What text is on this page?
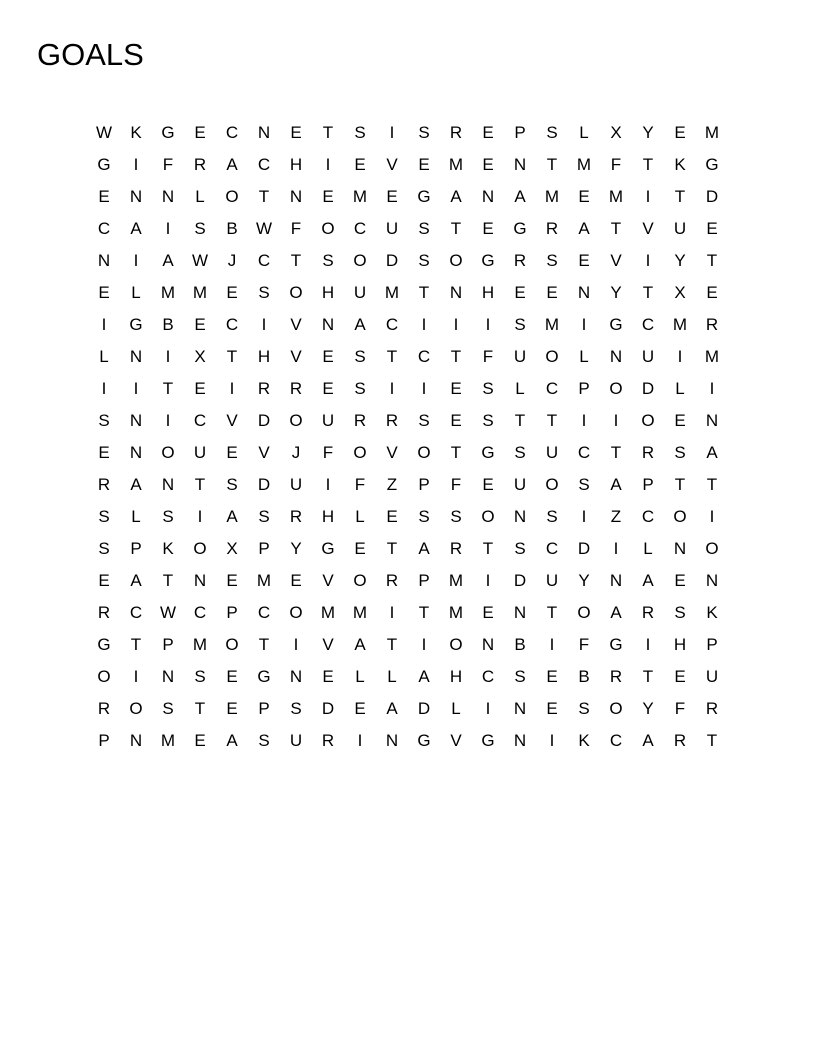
GOALS
W	K	G	E	C	N	E	T	S	I	S	R	E	P	S	L	X	Y	E	M
G	I	F	R	A	C	H	I	E	V	E	M	E	N	T	M	F	T	K	G
E	N	N	L	O	T	N	E	M	E	G	A	N	A	M	E	M	I	T	D
C	A	I	S	B	W	F	O	C	U	S	T	E	G	R	A	T	V	U	E
N	I	A	W	J	C	T	S	O	D	S	O	G	R	S	E	V	I	Y	T
E	L	M	M	E	S	O	H	U	M	T	N	H	E	E	N	Y	T	X	E
I	G	B	E	C	I	V	N	A	C	I	I	I	S	M	I	G	C	M	R
L	N	I	X	T	H	V	E	S	T	C	T	F	U	O	L	N	U	I	M
I	I	T	E	I	R	R	E	S	I	I	E	S	L	C	P	O	D	L	I
S	N	I	C	V	D	O	U	R	R	S	E	S	T	T	I	I	O	E	N
E	N	O	U	E	V	J	F	O	V	O	T	G	S	U	C	T	R	S	A
R	A	N	T	S	D	U	I	F	Z	P	F	E	U	O	S	A	P	T	T
S	L	S	I	A	S	R	H	L	E	S	S	O	N	S	I	Z	C	O	I
S	P	K	O	X	P	Y	G	E	T	A	R	T	S	C	D	I	L	N	O
E	A	T	N	E	M	E	V	O	R	P	M	I	D	U	Y	N	A	E	N
R	C	W	C	P	C	O	M	M	I	T	M	E	N	T	O	A	R	S	K
G	T	P	M	O	T	I	V	A	T	I	O	N	B	I	F	G	I	H	P
O	I	N	S	E	G	N	E	L	L	A	H	C	S	E	B	R	T	E	U
R	O	S	T	E	P	S	D	E	A	D	L	I	N	E	S	O	Y	F	R
P	N	M	E	A	S	U	R	I	N	G	V	G	N	I	K	C	A	R	T
